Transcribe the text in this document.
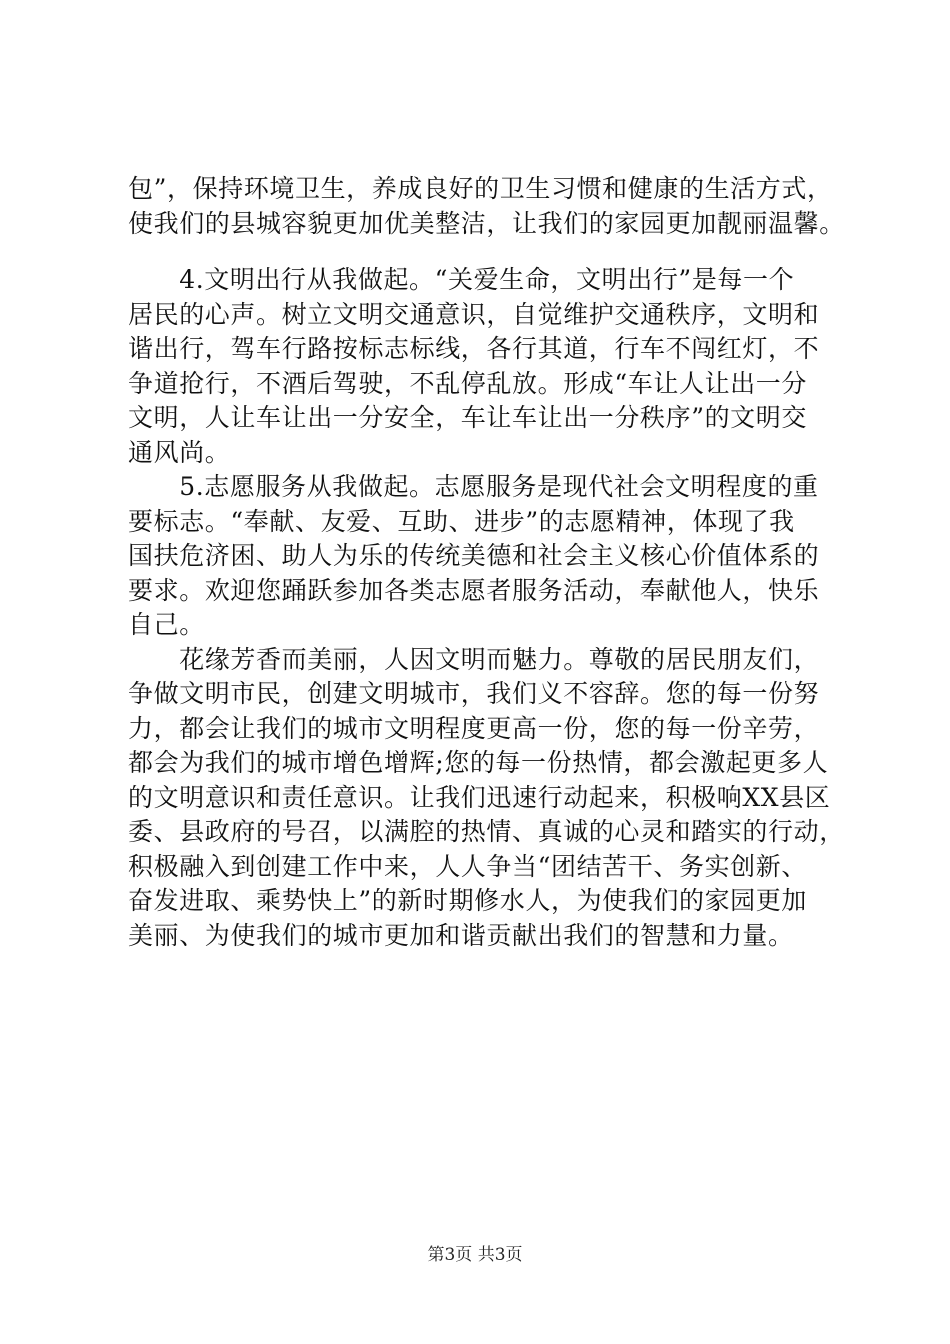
包”，保持环境卫生，养成良好的卫生习惯和健康的生活方式，
使我们的县城容貌更加优美整洁，让我们的家园更加靓丽温馨。
　　4.文明出行从我做起。“关爱生命，文明出行”是每一个
居民的心声。树立文明交通意识，自觉维护交通秩序，文明和
谐出行，驾车行路按标志标线，各行其道，行车不闯红灯，不
争道抢行，不酒后驾驶，不乱停乱放。形成“车让人让出一分
文明，人让车让出一分安全，车让车让出一分秩序”的文明交
通风尚。
　　5.志愿服务从我做起。志愿服务是现代社会文明程度的重
要标志。“奉献、友爱、互助、进步”的志愿精神，体现了我
国扶危济困、助人为乐的传统美德和社会主义核心价值体系的
要求。欢迎您踊跃参加各类志愿者服务活动，奉献他人，快乐
自己。
　　花缘芳香而美丽，人因文明而魅力。尊敬的居民朋友们，
争做文明市民，创建文明城市，我们义不容辞。您的每一份努
力，都会让我们的城市文明程度更高一份，您的每一份辛劳，
都会为我们的城市增色增辉;您的每一份热情，都会激起更多人
的文明意识和责任意识。让我们迅速行动起来，积极响XX县区
委、县政府的号召，以满腔的热情、真诚的心灵和踏实的行动，
积极融入到创建工作中来，人人争当“团结苦干、务实创新、
奋发进取、乘势快上”的新时期修水人，为使我们的家园更加
美丽、为使我们的城市更加和谐贡献出我们的智慧和力量。
第3页 共3页
